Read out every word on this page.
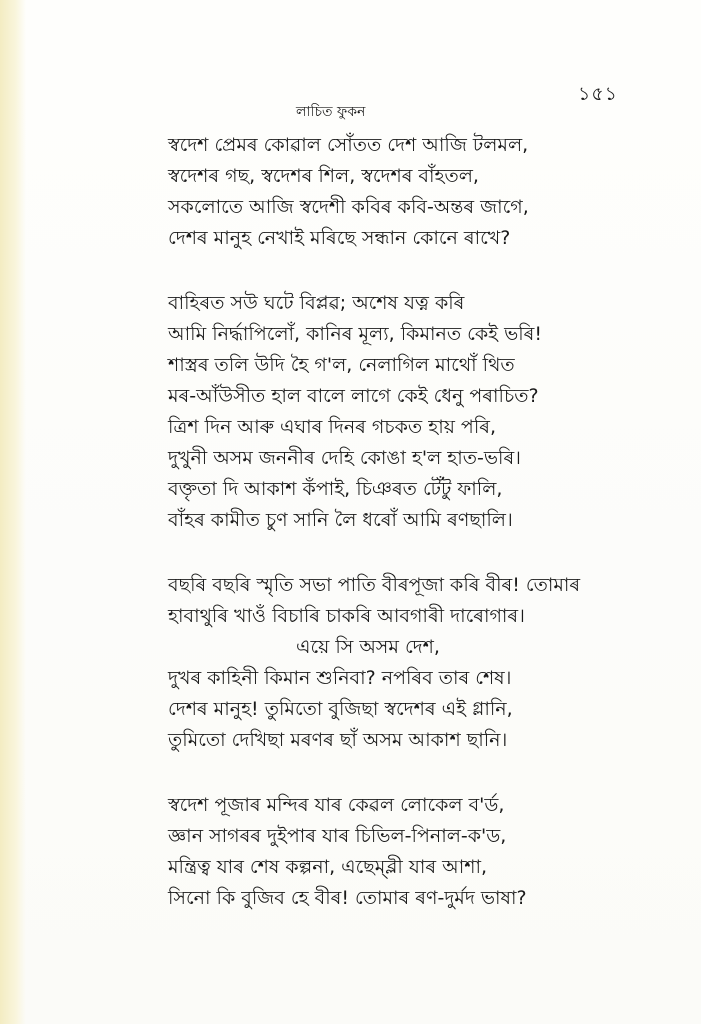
১৫১
লাচিত ফুকন
স্বদেশ প্ৰেমৰ কোৱাল সোঁতত দেশ আজি টলমল,
স্বদেশৰ গছ, স্বদেশৰ শিল, স্বদেশৰ বাঁহতল,
সকলোতে আজি স্বদেশী কবিৰ কবি-অন্তৰ জাগে,
দেশৰ মানুহ নেখাই মৰিছে সন্ধান কোনে ৰাখে?
বাহিৰত সউ ঘটে বিপ্লৱ; অশেষ যত্ন কৰি
আমি নিৰ্দ্ধাপিলোঁ, কানিৰ মূল্য, কিমানত কেই ভৰি!
শাস্ত্ৰৰ তলি উদি হৈ গ'ল, নেলাগিল মাথোঁ থিত
মৰ-আঁউসীত হাল বালে লাগে কেই ধেনু পৰাচিত?
ত্ৰিশ দিন আৰু এঘাৰ দিনৰ গচকত হায় পৰি,
দুখুনী অসম জননীৰ দেহি কোঙা হ'ল হাত-ভৰি।
বক্তৃতা দি আকাশ কঁপাই, চিঞৰত টেঁটু ফালি,
বাঁহৰ কামীত চুণ সানি লৈ ধৰোঁ আমি ৰণছালি।
বছৰি বছৰি স্মৃতি সভা পাতি বীৰপূজা কৰি বীৰ! তোমাৰ
হাবাথুৰি খাওঁ বিচাৰি চাকৰি আবগাৰী দাৰোগাৰ।
এয়ে সি অসম দেশ,
দুখৰ কাহিনী কিমান শুনিবা? নপৰিব তাৰ শেষ।
দেশৰ মানুহ! তুমিতো বুজিছা স্বদেশৰ এই গ্লানি,
তুমিতো দেখিছা মৰণৰ ছাঁ অসম আকাশ ছানি।
স্বদেশ পূজাৰ মন্দিৰ যাৰ কেৱল লোকেল ব'ৰ্ড,
জ্ঞান সাগৰৰ দুইপাৰ যাৰ চিভিল-পিনাল-ক'ড,
মন্ত্ৰিত্ব যাৰ শেষ কল্পনা, এছেম্ব্লী যাৰ আশা,
সিনো কি বুজিব হে বীৰ! তোমাৰ ৰণ-দুৰ্মদ ভাষা?
